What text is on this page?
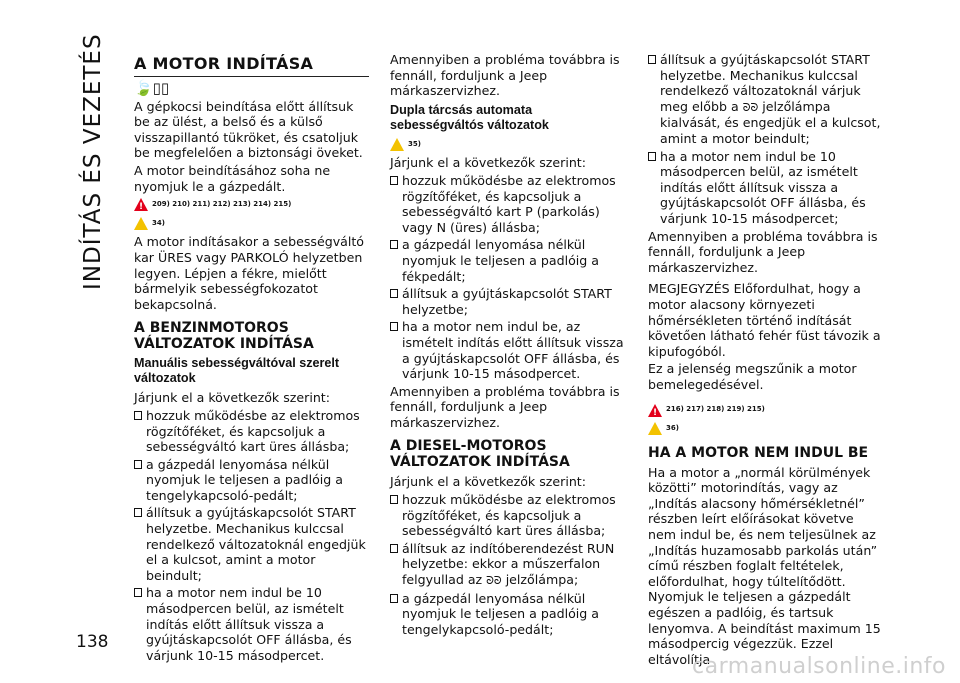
INDÍTÁS ÉS VEZETÉS
138
A MOTOR INDÍTÁSA
🍃▯▯

A gépkocsi beindítása előtt állítsuk be az ülést, a belső és a külső visszapillantó tükröket, és csatoljuk be megfelelően a biztonsági öveket.

A motor beindításához soha ne nyomjuk le a gázpedált.

!
209) 210) 211) 212) 213) 214) 215)
34)

A motor indításakor a sebességváltó kar ÜRES vagy PARKOLÓ helyzetben legyen. Lépjen a fékre, mielőtt bármelyik sebességfokozatot bekapcsolná.

A BENZINMOTOROS VÁLTOZATOK INDÍTÁSA
Manuális sebességváltóval szerelt változatok

Járjunk el a következők szerint:

hozzuk működésbe az elektromos rögzítőféket, és kapcsoljuk a sebességváltó kart üres állásba;

a gázpedál lenyomása nélkül nyomjuk le teljesen a padlóig a tengelykapcsoló-pedált;

állítsuk a gyújtáskapcsolót START helyzetbe. Mechanikus kulccsal rendelkező változatoknál engedjük el a kulcsot, amint a motor beindult;

ha a motor nem indul be 10 másodpercen belül, az ismételt indítás előtt állítsuk vissza a gyújtáskapcsolót OFF állásba, és várjunk 10-15 másodpercet.

Amennyiben a probléma továbbra is fennáll, forduljunk a Jeep márkaszervizhez.

Dupla tárcsás automata sebességváltós változatok
35)

Járjunk el a következők szerint:

hozzuk működésbe az elektromos rögzítőféket, és kapcsoljuk a sebességváltó kart P (parkolás) vagy N (üres) állásba;

a gázpedál lenyomása nélkül nyomjuk le teljesen a padlóig a fékpedált;

állítsuk a gyújtáskapcsolót START helyzetbe;

ha a motor nem indul be, az ismételt indítás előtt állítsuk vissza a gyújtáskapcsolót OFF állásba, és várjunk 10-15 másodpercet.

Amennyiben a probléma továbbra is fennáll, forduljunk a Jeep márkaszervizhez.

A DIESEL-MOTOROS VÁLTOZATOK INDÍTÁSA

Járjunk el a következők szerint:

hozzuk működésbe az elektromos rögzítőféket, és kapcsoljuk a sebességváltó kart üres állásba;

állítsuk az indítóberendezést RUN helyzetbe: ekkor a műszerfalon felgyullad az ᘐᘐ jelzőlámpa;

a gázpedál lenyomása nélkül nyomjuk le teljesen a padlóig a tengelykapcsoló-pedált;

állítsuk a gyújtáskapcsolót START helyzetbe. Mechanikus kulccsal rendelkező változatoknál várjuk meg előbb a ᘐᘐ jelzőlámpa kialvását, és engedjük el a kulcsot, amint a motor beindult;

ha a motor nem indul be 10 másodpercen belül, az ismételt indítás előtt állítsuk vissza a gyújtáskapcsolót OFF állásba, és várjunk 10-15 másodpercet;

Amennyiben a probléma továbbra is fennáll, forduljunk a Jeep márkaszervizhez.

MEGJEGYZÉS Előfordulhat, hogy a motor alacsony környezeti hőmérsékleten történő indítását követően látható fehér füst távozik a kipufogóból.

Ez a jelenség megszűnik a motor bemelegedésével.

!
216) 217) 218) 219) 215)
36)
HA A MOTOR NEM INDUL BE

Ha a motor a „normál körülmények közötti” motorindítás, vagy az „Indítás alacsony hőmérsékletnél” részben leírt előírásokat követve nem indul be, és nem teljesülnek az „Indítás huzamosabb parkolás után” című részben foglalt feltételek, előfordulhat, hogy túltelítődött. Nyomjuk le teljesen a gázpedált egészen a padlóig, és tartsuk lenyomva. A beindítást maximum 15 másodpercig végezzük. Ezzel eltávolítja

carmanualsonline.info
